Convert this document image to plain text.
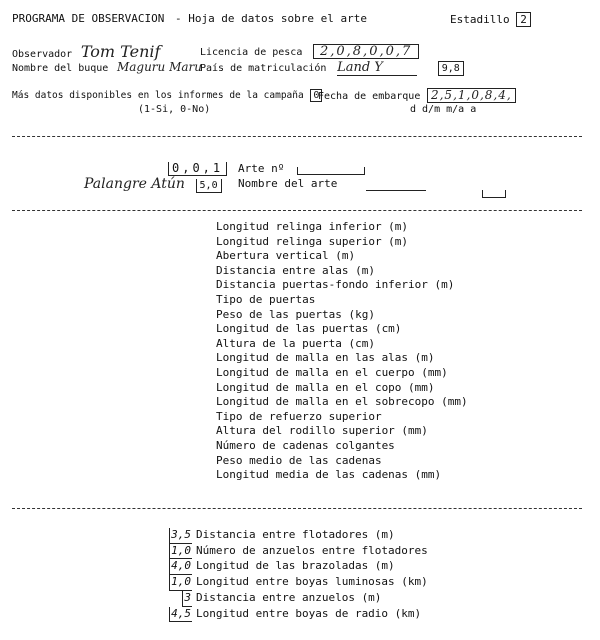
PROGRAMA DE OBSERVACION - Hoja de datos sobre el arte	Estadillo 2
Observador Tom Tenif	Licencia de pesca 2,0,8,0,0,7
Nombre del buque Maguru Maru
País de matriculación Land Y	9,8
Más datos disponibles en los informes de la campaña 0
(1-Si, 0-No)
Fecha de embarque 2,5,1,0,8,4,
d d/m m/a a
0,0,1	Arte nº
Palangre Atún 5,0	Nombre del arte
Longitud relinga inferior (m)
Longitud relinga superior (m)
Abertura vertical (m)
Distancia entre alas (m)
Distancia puertas-fondo inferior (m)
Tipo de puertas
Peso de las puertas (kg)
Longitud de las puertas (cm)
Altura de la puerta (cm)
Longitud de malla en las alas (m)
Longitud de malla en el cuerpo (mm)
Longitud de malla en el copo (mm)
Longitud de malla en el sobrecopo (mm)
Tipo de refuerzo superior
Altura del rodillo superior (mm)
Número de cadenas colgantes
Peso medio de las cadenas
Longitud media de las cadenas (mm)
3,5 Distancia entre flotadores (m)
1,0 Número de anzuelos entre flotadores
4,0 Longitud de las brazoladas (m)
1,0 Longitud entre boyas luminosas (km)
3 Distancia entre anzuelos (m)
4,5 Longitud entre boyas de radio (km)
